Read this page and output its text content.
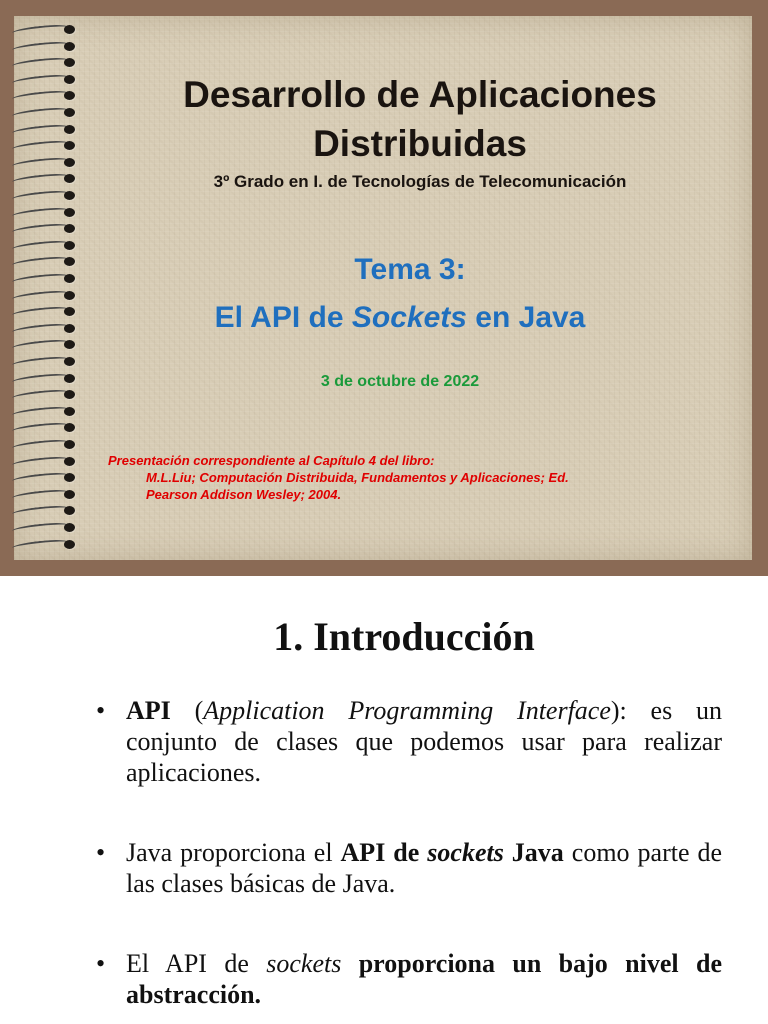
Desarrollo de Aplicaciones
Distribuidas
3º Grado en I. de Tecnologías de Telecomunicación
Tema 3:
El API de Sockets en Java
3 de octubre de 2022
Presentación correspondiente al Capítulo 4 del libro:
M.L.Liu; Computación Distribuida, Fundamentos y Aplicaciones; Ed.
Pearson Addison Wesley; 2004.
1. Introducción
• API (Application Programming Interface): es un conjunto de clases que podemos usar para realizar aplicaciones.
• Java proporciona el API de sockets Java como parte de las clases básicas de Java.
• El API de sockets proporciona un bajo nivel de abstracción.
